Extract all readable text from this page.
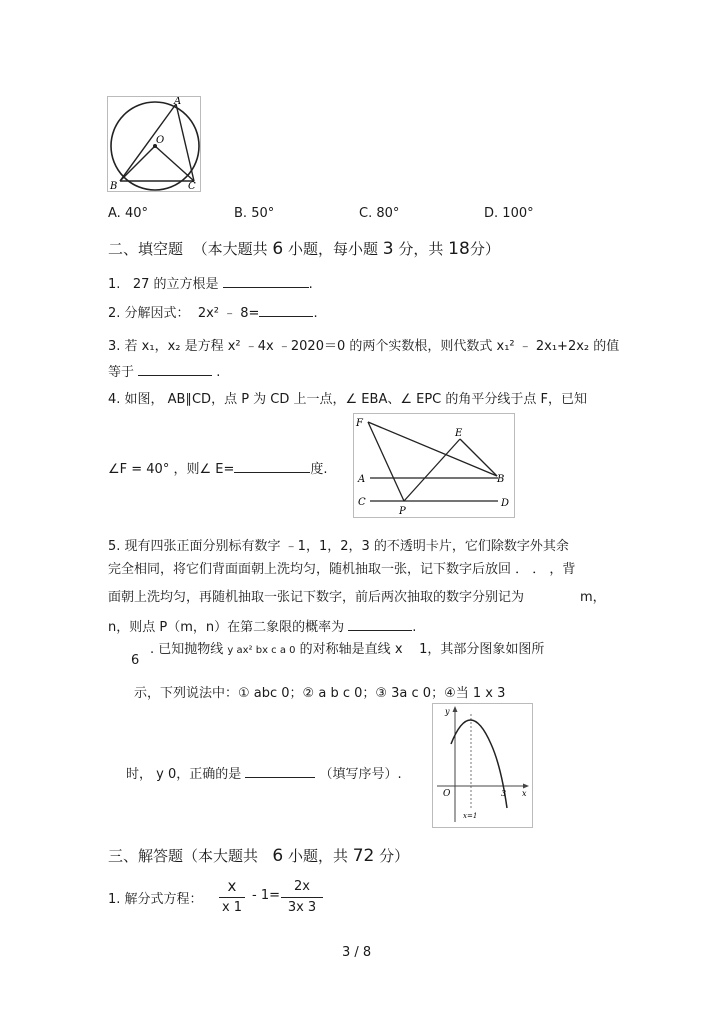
A
O
B	C
A. 40°	B. 50°	C. 80°	D. 100°
二、填空题 （本大题共 6 小题，每小题 3 分，共 18分）
1. 27 的立方根是	.
2. 分解因式： 2x² ﹣ 8=	.
3. 若 x₁，x₂ 是方程 x² ﹣4x ﹣2020＝0 的两个实数根，则代数式 x₁² ﹣ 2x₁+2x₂ 的值
等于	.
4. 如图， AB∥CD，点 P 为 CD 上一点，∠ EBA、∠ EPC 的角平分线于点 F，已知
∠F = 40° ，则∠ E=	度.
F
E
A	B
C	D
P
5. 现有四张正面分别标有数字 ﹣1，1，2，3 的不透明卡片，它们除数字外其余
完全相同，将它们背面面朝上洗均匀，随机抽取一张，记下数字后放回 ． ． ，背
面朝上洗均匀，再随机抽取一张记下数字，前后两次抽取的数字分别记为	m，
n，则点 P（m，n）在第二象限的概率为	.
. 已知抛物线 y ax² bx c a 0 的对称轴是直线 x 1，其部分图象如图所
6
示，下列说法中：① abc 0；② a b c 0；③ 3a c 0；④当 1 x 3
时， y 0，正确的是	（填写序号）.
y
O	x
3
x=1
三、解答题（本大题共 6 小题，共 72 分）
1. 解分式方程：
x
x 1
- 1=
2x
3x 3
3 / 8
